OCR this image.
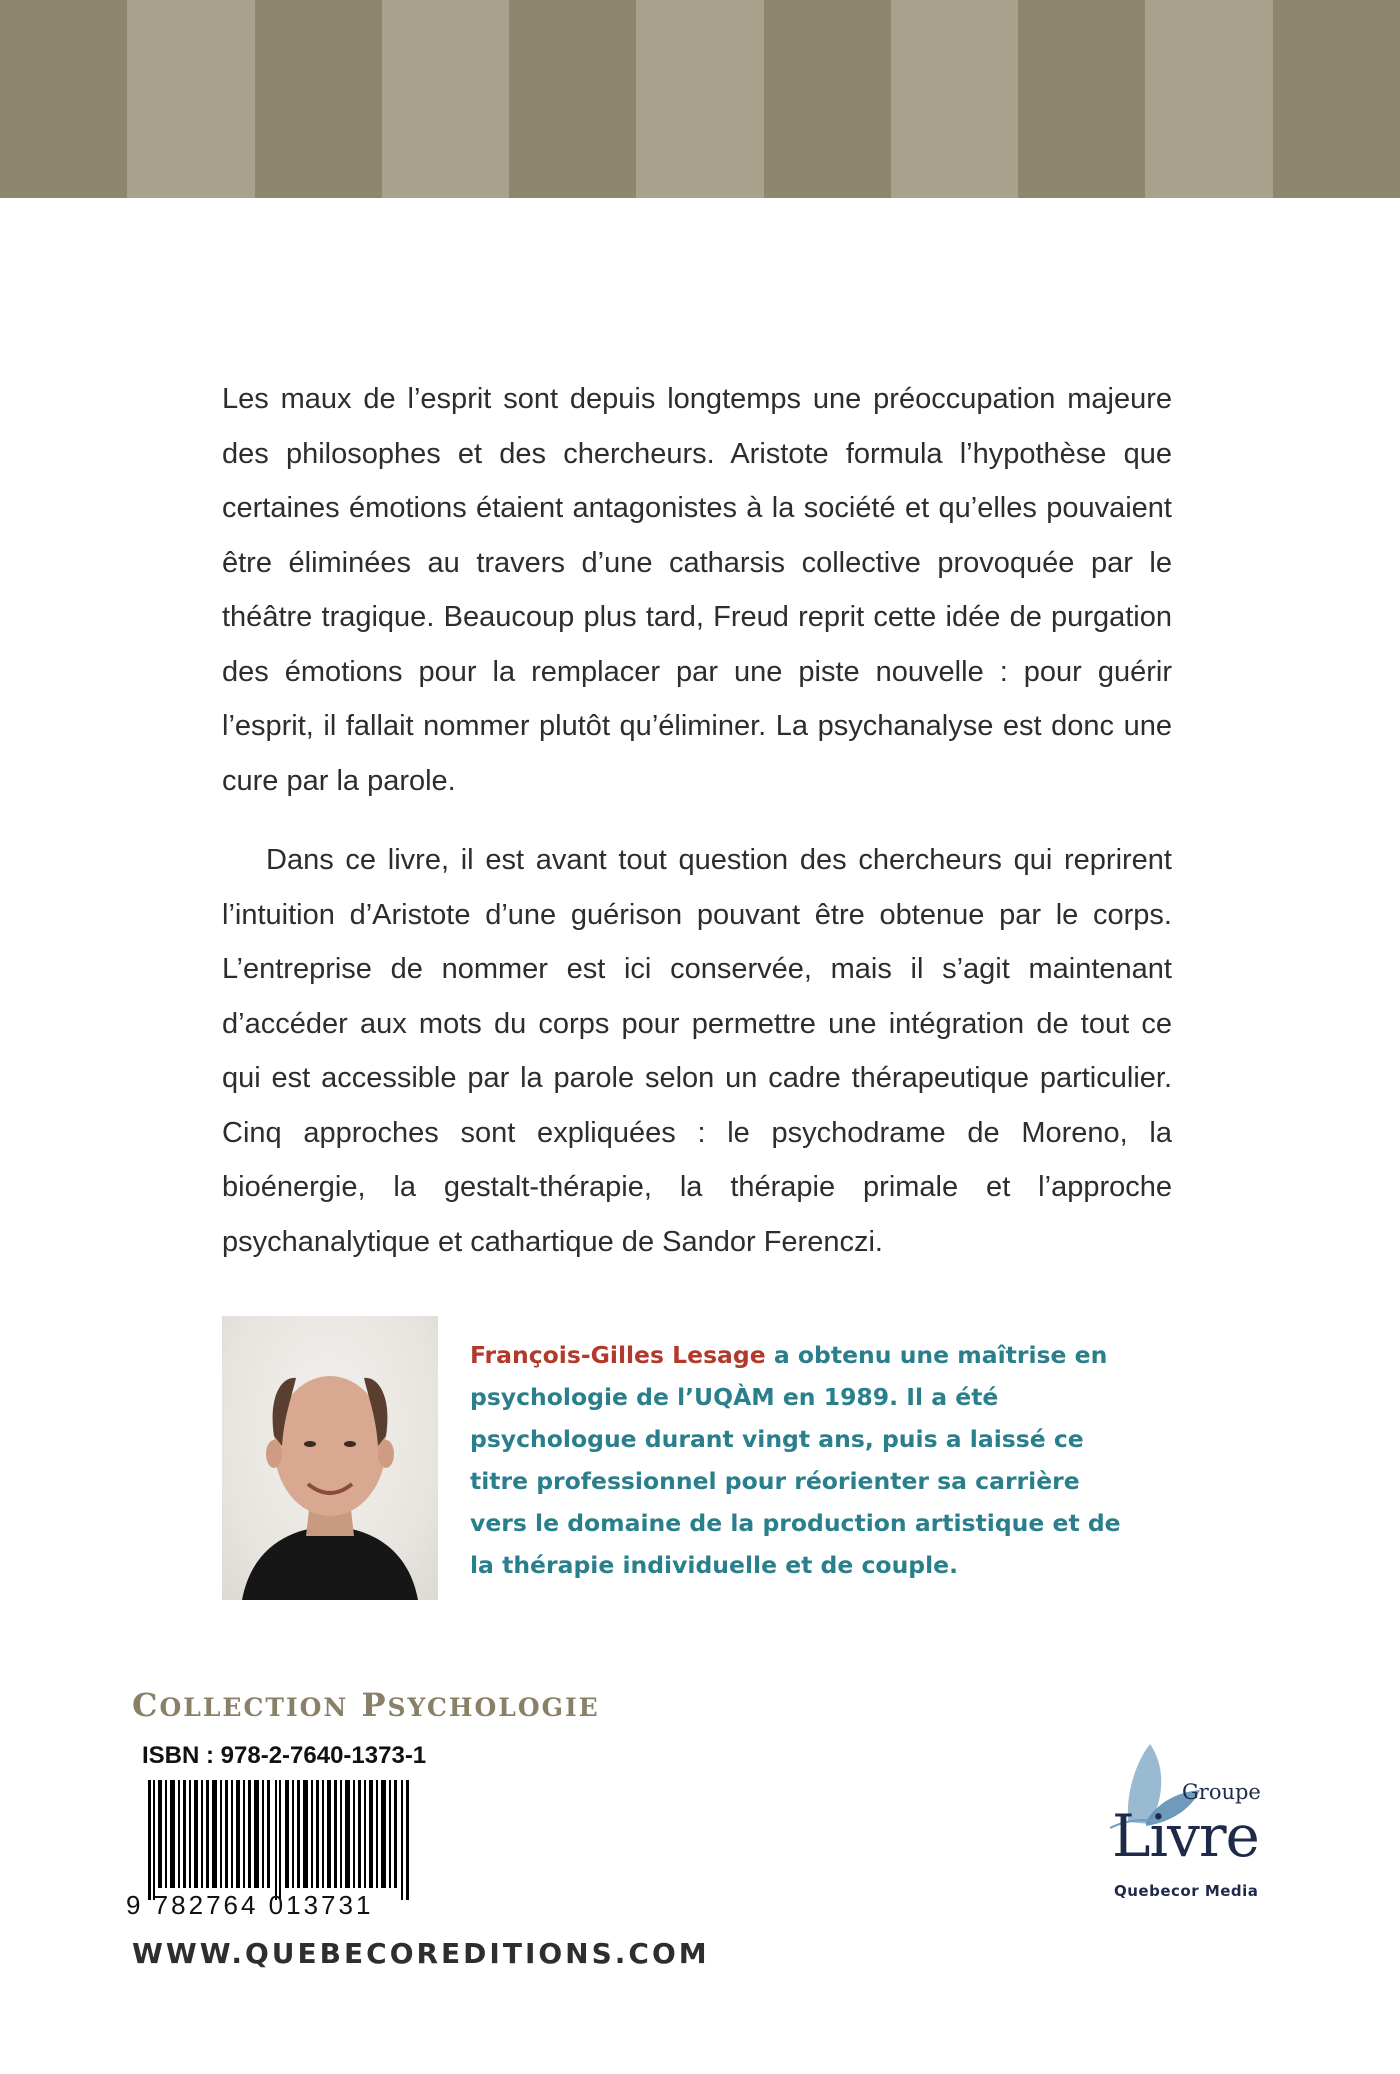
Les maux de l’esprit sont depuis longtemps une préoccupation majeure des philosophes et des chercheurs. Aristote formula l’hypothèse que certaines émotions étaient antagonistes à la société et qu’elles pouvaient être éliminées au travers d’une catharsis collective provoquée par le théâtre tragique. Beaucoup plus tard, Freud reprit cette idée de purgation des émotions pour la remplacer par une piste nouvelle : pour guérir l’esprit, il fallait nommer plutôt qu’éliminer. La psychanalyse est donc une cure par la parole.

Dans ce livre, il est avant tout question des chercheurs qui reprirent l’intuition d’Aristote d’une guérison pouvant être obtenue par le corps. L’entreprise de nommer est ici conservée, mais il s’agit maintenant d’accéder aux mots du corps pour permettre une intégration de tout ce qui est accessible par la parole selon un cadre thérapeutique particulier. Cinq approches sont expliquées : le psychodrame de Moreno, la bioénergie, la gestalt-thérapie, la thérapie primale et l’approche psychanalytique et cathartique de Sandor Ferenczi.

François-Gilles Lesage a obtenu une maîtrise en psychologie de l’UQÀM en 1989. Il a été psychologue durant vingt ans, puis a laissé ce titre professionnel pour réorienter sa carrière vers le domaine de la production artistique et de la thérapie individuelle et de couple.
COLLECTION PSYCHOLOGIE
ISBN : 978-2-7640-1373-1
9 782764 013731
WWW.QUEBECOREDITIONS.COM
Groupe
Livre
Quebecor Media
